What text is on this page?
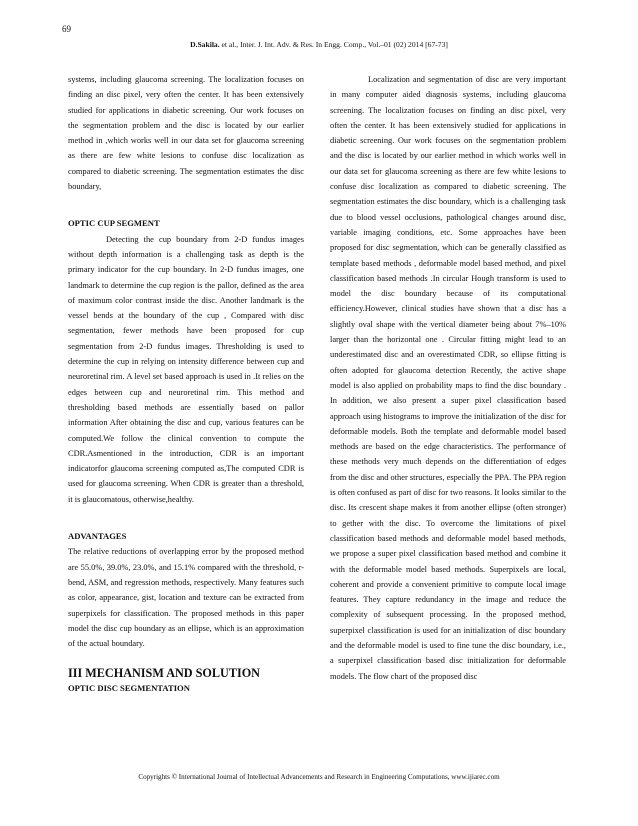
69
D.Sakila. et al., Inter. J. Int. Adv. & Res. In Engg. Comp., Vol.–01 (02) 2014 [67-73]

systems, including glaucoma screening. The localization focuses on finding an disc pixel, very often the center. It has been extensively studied for applications in diabetic screening. Our work focuses on the segmentation problem and the disc is located by our earlier method in ,which works well in our data set for glaucoma screening as there are few white lesions to confuse disc localization as compared to diabetic screening. The segmentation estimates the disc boundary,

OPTIC CUP SEGMENT

Detecting the cup boundary from 2-D fundus images without depth information is a challenging task as depth is the primary indicator for the cup boundary. In 2-D fundus images, one landmark to determine the cup region is the pallor, defined as the area of maximum color contrast inside the disc. Another landmark is the vessel bends at the boundary of the cup , Compared with disc segmentation, fewer methods have been proposed for cup segmentation from 2-D fundus images. Thresholding is used to determine the cup in relying on intensity difference between cup and neuroretinal rim. A level set based approach is used in .It relies on the edges between cup and neuroretinal rim. This method and thresholding based methods are essentially based on pallor information After obtaining the disc and cup, various features can be computed.We follow the clinical convention to compute the CDR.Asmentioned in the introduction, CDR is an important indicatorfor glaucoma screening computed as,The computed CDR is used for glaucoma screening. When CDR is greater than a threshold, it is glaucomatous, otherwise,healthy.

ADVANTAGES

The relative reductions of overlapping error by the proposed method are 55.0%, 39.0%, 23.0%, and 15.1% compared with the threshold, r-bend, ASM, and regression methods, respectively. Many features such as color, appearance, gist, location and texture can be extracted from superpixels for classification. The proposed methods in this paper model the disc cup boundary as an ellipse, which is an approximation of the actual boundary.

III MECHANISM AND SOLUTION

OPTIC DISC SEGMENTATION

Localization and segmentation of disc are very important in many computer aided diagnosis systems, including glaucoma screening. The localization focuses on finding an disc pixel, very often the center. It has been extensively studied for applications in diabetic screening. Our work focuses on the segmentation problem and the disc is located by our earlier method in which works well in our data set for glaucoma screening as there are few white lesions to confuse disc localization as compared to diabetic screening. The segmentation estimates the disc boundary, which is a challenging task due to blood vessel occlusions, pathological changes around disc, variable imaging conditions, etc. Some approaches have been proposed for disc segmentation, which can be generally classified as template based methods , deformable model based method, and pixel classification based methods .In circular Hough transform is used to model the disc boundary because of its computational efficiency.However, clinical studies have shown that a disc has a slightly oval shape with the vertical diameter being about 7%–10% larger than the horizontal one . Circular fitting might lead to an underestimated disc and an overestimated CDR, so ellipse fitting is often adopted for glaucoma detection Recently, the active shape model is also applied on probability maps to find the disc boundary . In addition, we also present a super pixel classification based approach using histograms to improve the initialization of the disc for deformable models. Both the template and deformable model based methods are based on the edge characteristics. The performance of these methods very much depends on the differentiation of edges from the disc and other structures, especially the PPA. The PPA region is often confused as part of disc for two reasons. It looks similar to the disc. Its crescent shape makes it from another ellipse (often stronger) to gether with the disc. To overcome the limitations of pixel classification based methods and deformable model based methods, we propose a super pixel classification based method and combine it with the deformable model based methods. Superpixels are local, coherent and provide a convenient primitive to compute local image features. They capture redundancy in the image and reduce the complexity of subsequent processing. In the proposed method, superpixel classification is used for an initialization of disc boundary and the deformable model is used to fine tune the disc boundary, i.e., a superpixel classification based disc initialization for deformable models. The flow chart of the proposed disc

Copyrights © International Journal of Intellectual Advancements and Research in Engineering Computations, www.ijiarec.com
